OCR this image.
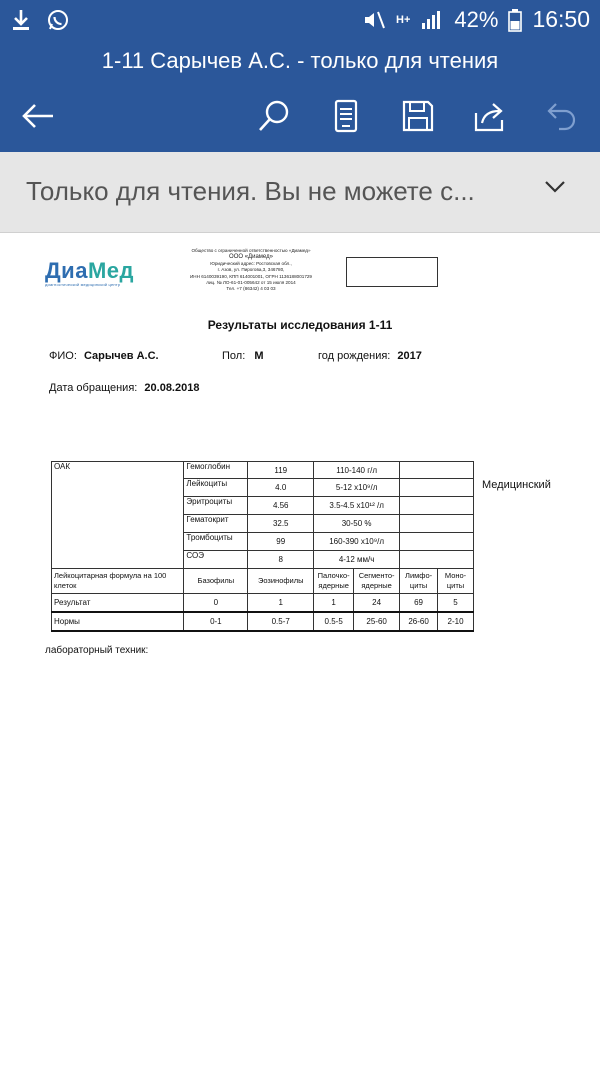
H+ 42% 16:50
1-11 Сарычев А.С. - только для чтения
Только для чтения. Вы не можете с...
ДиаМед
диагностический медицинский центр
Общество с ограниченной ответственностью «Диамед»
ООО «Диамед»
Юридический адрес: Ростовская обл.,
г. Азов, ул. Пирогова,3, 346780,
ИНН 6140039190, КПП 614001001, ОГРН 1136188001729
лиц. № ЛО-61-01-005642 от 15 июля 2014
Тел. +7 (86342) 4 03 03
Результаты исследования 1-11
ФИО: Сарычев А.С.	Пол: М	год рождения: 2017
Дата обращения: 20.08.2018
ОАК	Гемоглобин	119	110-140 г/л			
	Лейкоциты	4.0	5-12 x10⁹/л			
	Эритроциты	4.56	3.5-4.5 x10¹² /л			
	Гематокрит	32.5	30-50 %			
	Тромбоциты	99	160-390 x10⁹/л			
	СОЭ	8	4-12 мм/ч			
Лейкоцитарная формула на 100 клеток	Базофилы	Эозинофилы	Палочко-ядерные	Сегменто-ядерные	Лимфо-циты	Моно-циты
Результат	0	1	1	24	69	5
Нормы	0-1	0.5-7	0.5-5	25-60	26-60	2-10
Медицинский
лабораторный техник:
